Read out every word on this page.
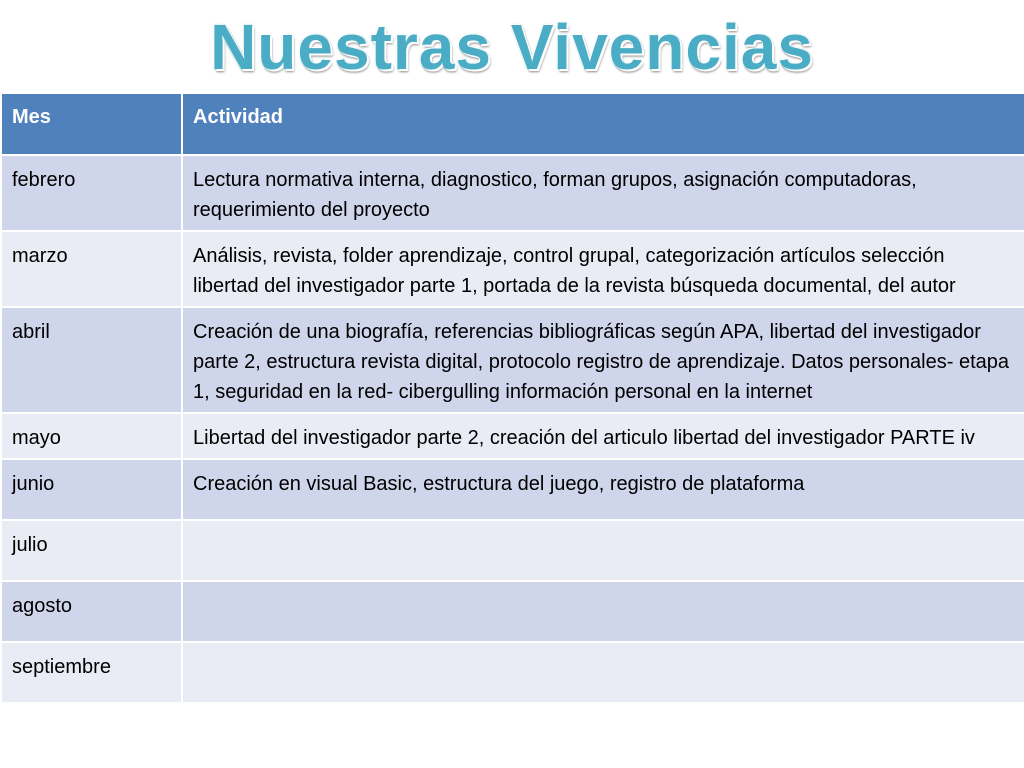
Nuestras Vivencias
Mes	Actividad
febrero	Lectura normativa interna, diagnostico, forman grupos, asignación computadoras, requerimiento del proyecto
marzo	Análisis, revista, folder aprendizaje, control grupal, categorización artículos selección libertad del investigador parte 1, portada de la revista búsqueda documental, del autor
abril	Creación de una biografía, referencias bibliográficas según APA, libertad del investigador parte 2, estructura revista digital, protocolo registro de aprendizaje. Datos personales- etapa 1, seguridad en la red- cibergulling información personal en la internet
mayo	Libertad del investigador parte 2, creación del articulo libertad del investigador PARTE iv
junio	Creación en visual Basic, estructura del juego, registro de plataforma
julio	
agosto	
septiembre	
